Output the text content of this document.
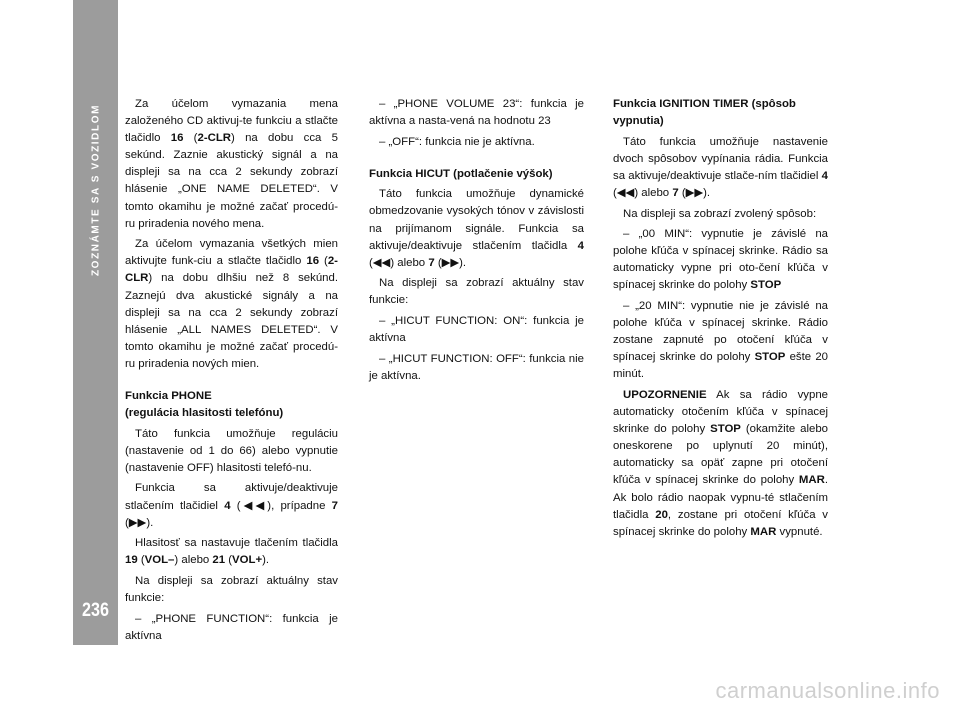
ZOZNÁMTE SA S VOZIDLOM
236

Za účelom vymazania mena založeného CD aktivuj-te funkciu a stlačte tlačidlo 16 (2-CLR) na dobu cca 5 sekúnd. Zaznie akustický signál a na displeji sa na cca 2 sekundy zobrazí hlásenie „ONE NAME DELETED“. V tomto okamihu je možné začať procedú-ru priradenia nového mena.

Za účelom vymazania všetkých mien aktivujte funk-ciu a stlačte tlačidlo 16 (2-CLR) na dobu dlhšiu než 8 sekúnd. Zaznejú dva akustické signály a na displeji sa na cca 2 sekundy zobrazí hlásenie „ALL NAMES DELETED“. V tomto okamihu je možné začať procedú-ru priradenia nových mien.

Funkcia PHONE
(regulácia hlasitosti telefónu)

Táto funkcia umožňuje reguláciu (nastavenie od 1 do 66) alebo vypnutie (nastavenie OFF) hlasitosti telefó-nu.

Funkcia sa aktivuje/deaktivuje stlačením tlačidiel 4 (◀◀), prípadne 7 (▶▶).

Hlasitosť sa nastavuje tlačením tlačidla 19 (VOL–) alebo 21 (VOL+).

Na displeji sa zobrazí aktuálny stav funkcie:

– „PHONE FUNCTION“: funkcia je aktívna

– „PHONE VOLUME 23“: funkcia je aktívna a nasta-vená na hodnotu 23

– „OFF“: funkcia nie je aktívna.

Funkcia HICUT (potlačenie výšok)

Táto funkcia umožňuje dynamické obmedzovanie vysokých tónov v závislosti na prijímanom signále. Funkcia sa aktivuje/deaktivuje stlačením tlačidla 4 (◀◀) alebo 7 (▶▶).

Na displeji sa zobrazí aktuálny stav funkcie:

– „HICUT FUNCTION: ON“: funkcia je aktívna

– „HICUT FUNCTION: OFF“: funkcia nie je aktívna.

Funkcia IGNITION TIMER (spôsob
vypnutia)

Táto funkcia umožňuje nastavenie dvoch spôsobov vypínania rádia. Funkcia sa aktivuje/deaktivuje stlače-ním tlačidiel 4 (◀◀) alebo 7 (▶▶).

Na displeji sa zobrazí zvolený spôsob:

– „00 MIN“: vypnutie je závislé na polohe kľúča v spínacej skrinke. Rádio sa automaticky vypne pri oto-čení kľúča v spínacej skrinke do polohy STOP

– „20 MIN“: vypnutie nie je závislé na polohe kľúča v spínacej skrinke. Rádio zostane zapnuté po otočení kľúča v spínacej skrinke do polohy STOP ešte 20 minút.

UPOZORNENIE Ak sa rádio vypne automaticky otočením kľúča v spínacej skrinke do polohy STOP (okamžite alebo oneskorene po uplynutí 20 minút), automaticky sa opäť zapne pri otočení kľúča v spínacej skrinke do polohy MAR. Ak bolo rádio naopak vypnu-té stlačením tlačidla 20, zostane pri otočení kľúča v spínacej skrinke do polohy MAR vypnuté.

carmanualsonline.info
